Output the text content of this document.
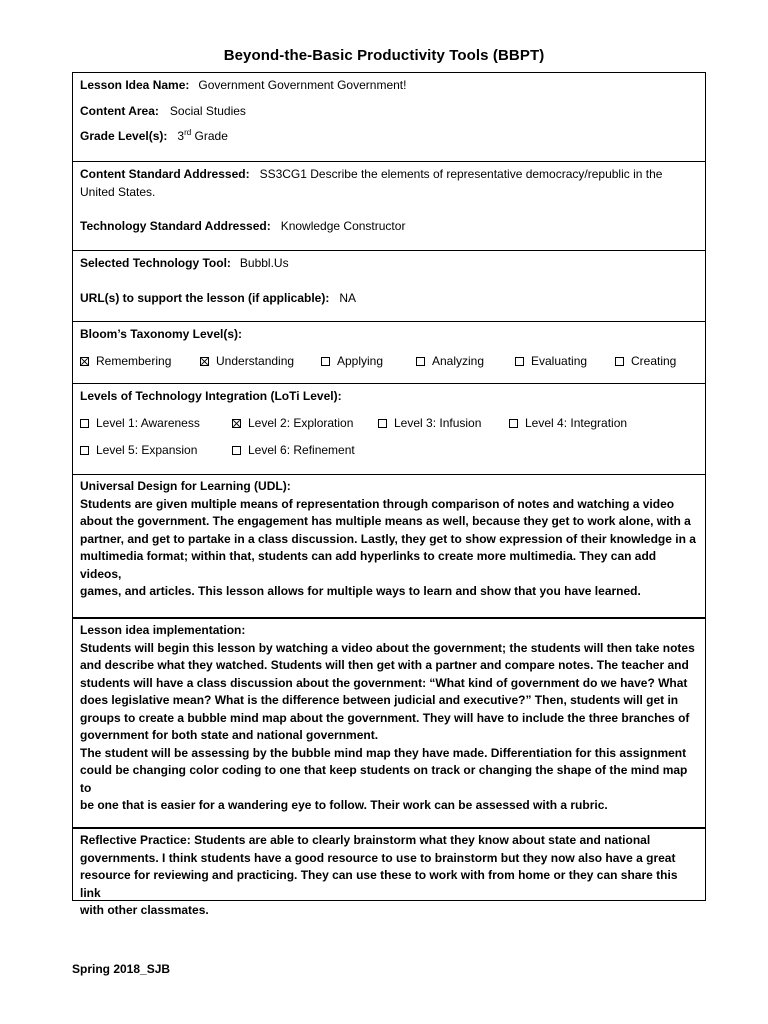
Beyond-the-Basic Productivity Tools (BBPT)
Lesson Idea Name: Government Government Government!
Content Area: Social Studies
Grade Level(s): 3rd Grade
Content Standard Addressed: SS3CG1 Describe the elements of representative democracy/republic in the
United States.
Technology Standard Addressed: Knowledge Constructor
Selected Technology Tool: Bubbl.Us
URL(s) to support the lesson (if applicable): NA
Bloom’s Taxonomy Level(s):
Remembering	Understanding	Applying	Analyzing	Evaluating	Creating
Levels of Technology Integration (LoTi Level):
Level 1: Awareness	Level 2: Exploration	Level 3: Infusion	Level 4: Integration
Level 5: Expansion	Level 6: Refinement
Universal Design for Learning (UDL):
Students are given multiple means of representation through comparison of notes and watching a video
about the government. The engagement has multiple means as well, because they get to work alone, with a
partner, and get to partake in a class discussion. Lastly, they get to show expression of their knowledge in a
multimedia format; within that, students can add hyperlinks to create more multimedia. They can add videos,
games, and articles. This lesson allows for multiple ways to learn and show that you have learned.
Lesson idea implementation:
Students will begin this lesson by watching a video about the government; the students will then take notes
and describe what they watched. Students will then get with a partner and compare notes. The teacher and
students will have a class discussion about the government: “What kind of government do we have? What
does legislative mean? What is the difference between judicial and executive?” Then, students will get in
groups to create a bubble mind map about the government. They will have to include the three branches of
government for both state and national government.
The student will be assessing by the bubble mind map they have made. Differentiation for this assignment
could be changing color coding to one that keep students on track or changing the shape of the mind map to
be one that is easier for a wandering eye to follow. Their work can be assessed with a rubric.
Reflective Practice: Students are able to clearly brainstorm what they know about state and national
governments. I think students have a good resource to use to brainstorm but they now also have a great
resource for reviewing and practicing. They can use these to work with from home or they can share this link
with other classmates.
Spring 2018_SJB
